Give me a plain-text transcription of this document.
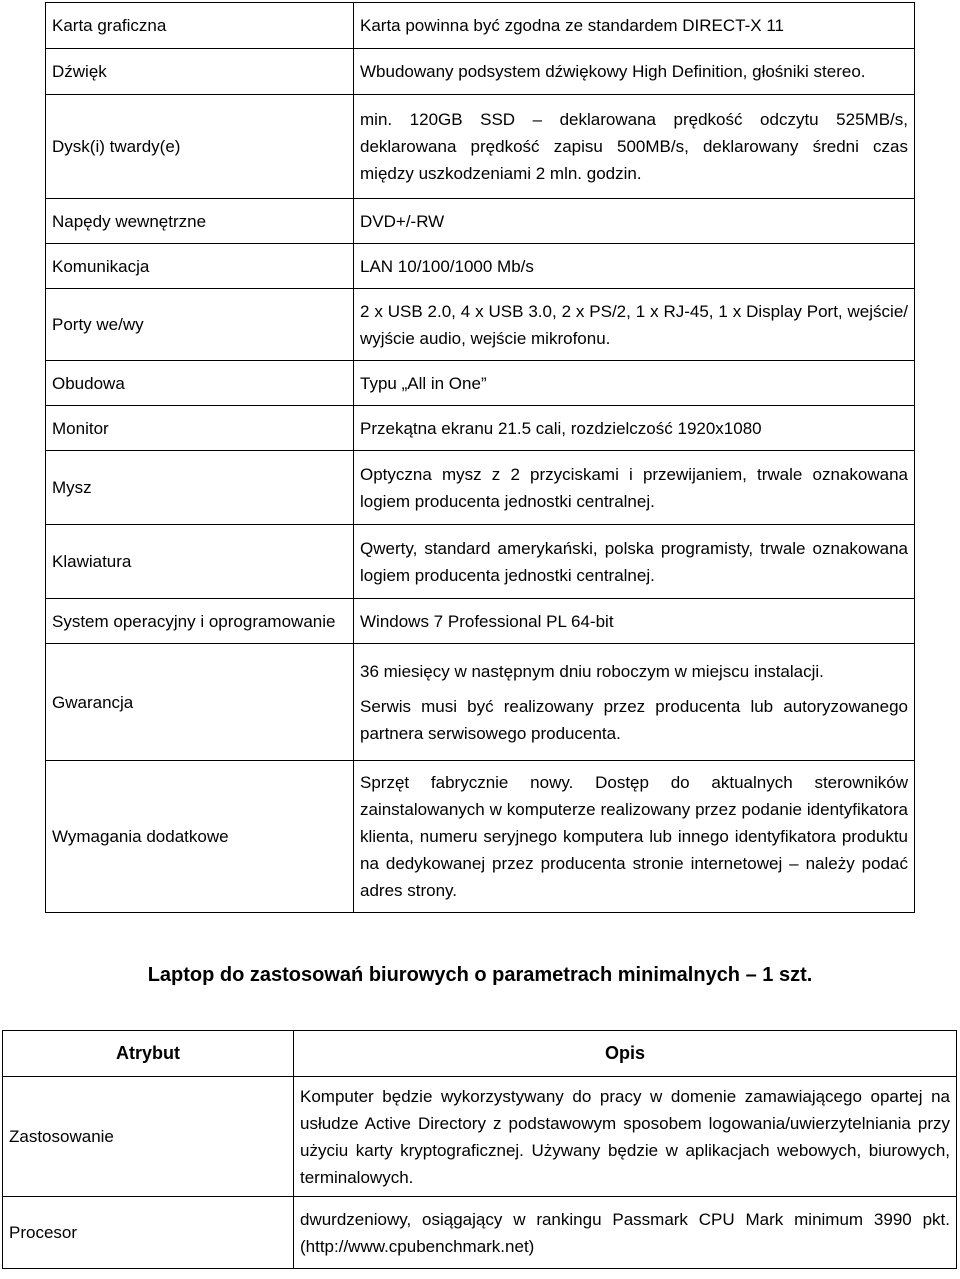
Karta graficzna	Karta powinna być zgodna ze standardem DIRECT-X 11

Dźwięk	Wbudowany podsystem dźwiękowy High Definition, głośniki stereo.

Dysk(i) twardy(e)	min. 120GB SSD – deklarowana prędkość odczytu 525MB/s, deklarowana prędkość zapisu 500MB/s, deklarowany średni czas między uszkodzeniami 2 mln. godzin.

Napędy wewnętrzne	DVD+/-RW

Komunikacja	LAN 10/100/1000 Mb/s

Porty we/wy	2 x USB 2.0, 4 x USB 3.0, 2 x PS/2, 1 x RJ-45, 1 x Display Port, wejście/ wyjście audio, wejście mikrofonu.

Obudowa	Typu „All in One”

Monitor	Przekątna ekranu 21.5 cali, rozdzielczość 1920x1080

Mysz	Optyczna mysz z 2 przyciskami i przewijaniem, trwale oznakowana logiem producenta jednostki centralnej.

Klawiatura	Qwerty, standard amerykański, polska programisty, trwale oznakowana logiem producenta jednostki centralnej.

System operacyjny i oprogramowanie	Windows 7 Professional PL 64-bit

Gwarancja	36 miesięcy w następnym dniu roboczym w miejscu instalacji.
Serwis musi być realizowany przez producenta lub autoryzowanego partnera serwisowego producenta.

Wymagania dodatkowe	Sprzęt fabrycznie nowy. Dostęp do aktualnych sterowników zainstalowanych w komputerze realizowany przez podanie identyfikatora klienta, numeru seryjnego komputera lub innego identyfikatora produktu na dedykowanej przez producenta stronie internetowej – należy podać adres strony.
Laptop do zastosowań biurowych o parametrach minimalnych – 1 szt.
Atrybut	Opis
Zastosowanie	Komputer będzie wykorzystywany do pracy w domenie zamawiającego opartej na usłudze Active Directory z podstawowym sposobem logowania/uwierzytelniania przy użyciu karty kryptograficznej. Używany będzie w aplikacjach webowych, biurowych, terminalowych.

Procesor	dwurdzeniowy, osiągający w rankingu Passmark CPU Mark minimum 3990 pkt. (http://www.cpubenchmark.net)
